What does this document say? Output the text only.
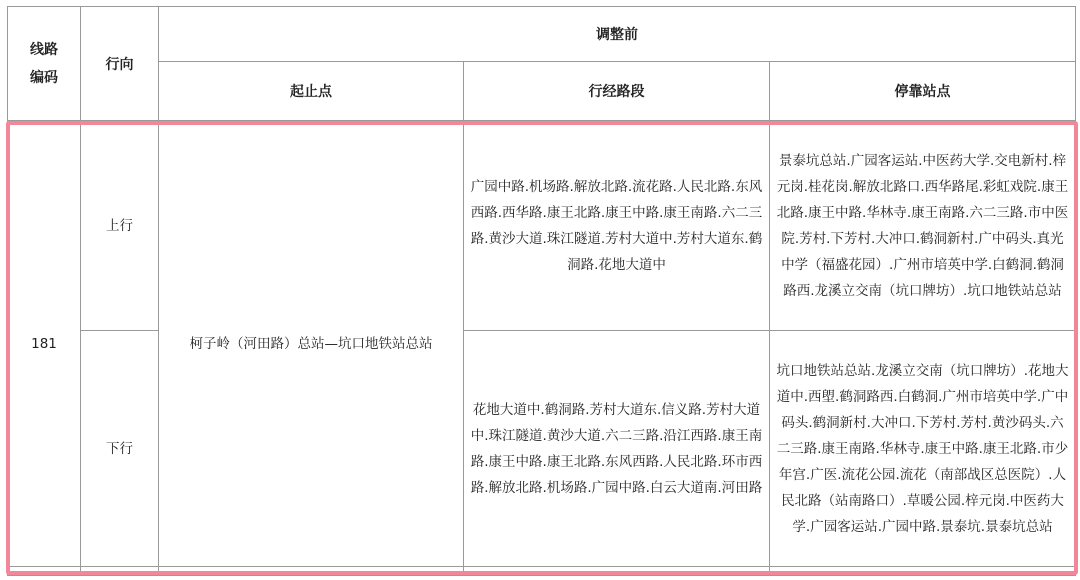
线路
编码	行向	调整前		
		起止点	行经路段	停靠站点
181	上行	柯子岭（河田路）总站—坑口地铁站总站	广园中路.机场路.解放北路.流花路.人民北路.东风西路.西华路.康王北路.康王中路.康王南路.六二三路.黄沙大道.珠江隧道.芳村大道中.芳村大道东.鹤洞路.花地大道中	景泰坑总站.广园客运站.中医药大学.交电新村.梓元岗.桂花岗.解放北路口.西华路尾.彩虹戏院.康王北路.康王中路.华林寺.康王南路.六二三路.市中医院.芳村.下芳村.大冲口.鹤洞新村.广中码头.真光中学（福盛花园）.广州市培英中学.白鹤洞.鹤洞路西.龙溪立交南（坑口牌坊）.坑口地铁站总站
	下行		花地大道中.鹤洞路.芳村大道东.信义路.芳村大道中.珠江隧道.黄沙大道.六二三路.沿江西路.康王南路.康王中路.康王北路.东风西路.人民北路.环市西路.解放北路.机场路.广园中路.白云大道南.河田路	坑口地铁站总站.龙溪立交南（坑口牌坊）.花地大道中.西塱.鹤洞路西.白鹤洞.广州市培英中学.广中码头.鹤洞新村.大冲口.下芳村.芳村.黄沙码头.六二三路.康王南路.华林寺.康王中路.康王北路.市少年宫.广医.流花公园.流花（南部战区总医院）.人民北路（站南路口）.草暖公园.梓元岗.中医药大学.广园客运站.广园中路.景泰坑.景泰坑总站
